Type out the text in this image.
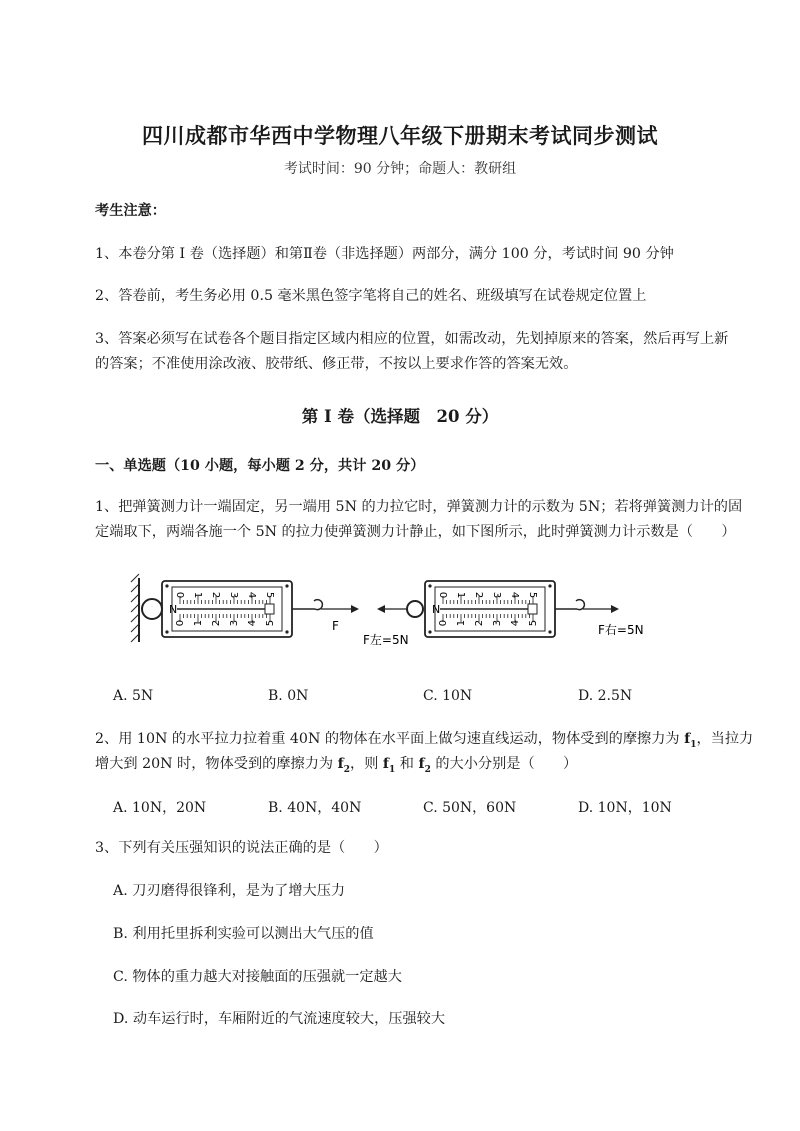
四川成都市华西中学物理八年级下册期末考试同步测试
考试时间：90 分钟；命题人：教研组
考生注意：
1、本卷分第 I 卷（选择题）和第Ⅱ卷（非选择题）两部分，满分 100 分，考试时间 90 分钟
2、答卷前，考生务必用 0.5 毫米黑色签字笔将自己的姓名、班级填写在试卷规定位置上
3、答案必须写在试卷各个题目指定区域内相应的位置，如需改动，先划掉原来的答案，然后再写上新
的答案；不准使用涂改液、胶带纸、修正带，不按以上要求作答的答案无效。
第 I 卷（选择题　20 分）
一、单选题（10 小题，每小题 2 分，共计 20 分）
1、把弹簧测力计一端固定，另一端用 5N 的力拉它时，弹簧测力计的示数为 5N；若将弹簧测力计的固
定端取下，两端各施一个 5N 的拉力使弹簧测力计静止，如下图所示，此时弹簧测力计示数是（　　）
N
0
0
1
1
2
2
3
3
4
4
5
5	F
N
0
0
1
1
2
2
3
3
4
4
5
5
F左=5N
F右=5N
A. 5N	B. 0N	C. 10N	D. 2.5N
2、用 10N 的水平拉力拉着重 40N 的物体在水平面上做匀速直线运动，物体受到的摩擦力为 $f_1$，当拉力
增大到 20N 时，物体受到的摩擦力为 $f_2$，则 $f_1$ 和 $f_2$ 的大小分别是（　　）
A. 10N，20N	B. 40N，40N	C. 50N，60N	D. 10N，10N
3、下列有关压强知识的说法正确的是（　　）
A. 刀刃磨得很锋利，是为了增大压力
B. 利用托里拆利实验可以测出大气压的值
C. 物体的重力越大对接触面的压强就一定越大
D. 动车运行时，车厢附近的气流速度较大，压强较大
